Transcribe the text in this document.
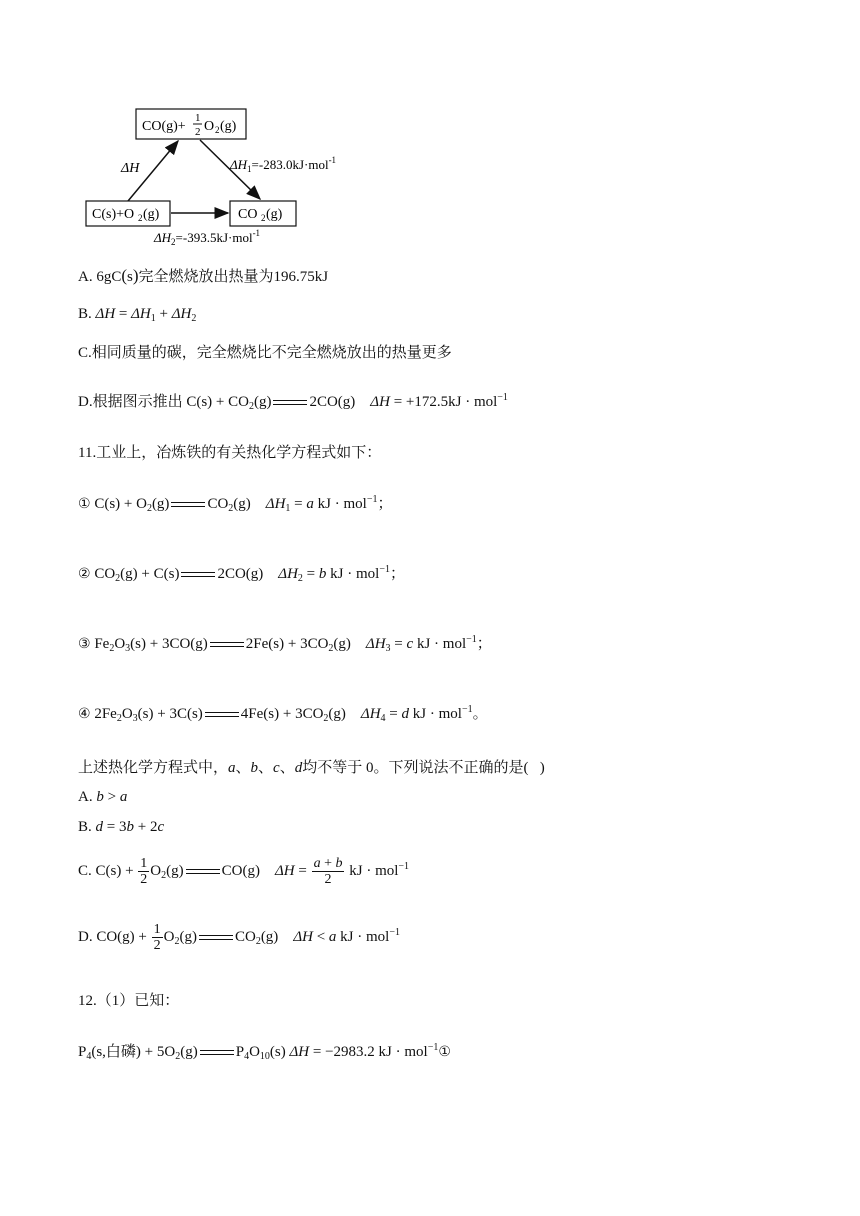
CO(g)+
1
2 O 2 (g)
C(s)+O 2 (g)	CO 2 (g)
ΔH	$\Delta H_1=-283.0kJ\cdot mol^{-1}$
$\Delta H_2=-393.5kJ\cdot mol^{-1}$
A. 6gC(s)完全燃烧放出热量为196.75kJ
B. $\Delta H = \Delta H_1 + \Delta H_2$
C.相同质量的碳，完全燃烧比不完全燃烧放出的热量更多
D.根据图示推出 $C(s) + CO_2(g)$	2CO(g)    ΔH = +172.5kJ · mol$^{-1}$
11.工业上，冶炼铁的有关热化学方程式如下：
① $C(s) + O_2(g)$	$CO_2(g)$    $\Delta H_1 = a$ kJ · mol$^{-1}$；
② $CO_2(g) + C(s)$	2CO(g)    $\Delta H_2 = b$ kJ · mol$^{-1}$；
③ $Fe_2O_3(s) + 3CO(g)$	$2Fe(s) + 3CO_2(g)$    $\Delta H_3 = c$ kJ · mol$^{-1}$；
④ $2Fe_2O_3(s) + 3C(s)$	$4Fe(s) + 3CO_2(g)$    $\Delta H_4 = d$ kJ · mol$^{-1}$。
上述热化学方程式中，a、b、c、d均不等于 0。下列说法不正确的是(   )
A. b > a
B. d = 3b + 2c
C. $C(s) + \frac{1}{2} O_2(g)$	CO(g)    $\Delta H = \frac{a + b}{2}$ kJ · mol$^{-1}$
D. $CO(g) + \frac{1}{2} O_2(g)$	$CO_2(g)$    ΔH < a kJ · mol$^{-1}$
12.（1）已知：
$P_4(s$,白磷) + $5O_2(g)$	$P_4O_{10}(s) \Delta H = -2983.2$ kJ · mol$^{-1}$①
